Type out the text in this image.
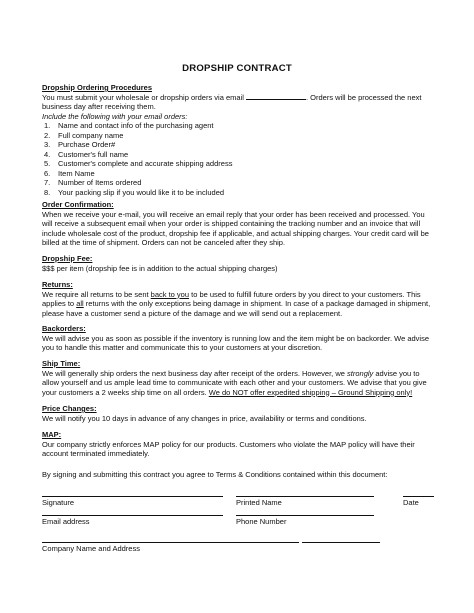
DROPSHIP CONTRACT
Dropship Ordering Procedures
You must submit your wholesale or dropship orders via email	. Orders will be processed the next
business day after receiving them.
Include the following with your email orders:
1.	Name and contact info of the purchasing agent
2.	Full company name
3.	Purchase Order#
4.	Customer's full name
5.	Customer's complete and accurate shipping address
6.	Item Name
7.	Number of Items ordered
8.	Your packing slip if you would like it to be included
Order Confirmation:
When we receive your e-mail, you will receive an email reply that your order has been received and processed. You
will receive a subsequent email when your order is shipped containing the tracking number and an invoice that will
include wholesale cost of the product, dropship fee if applicable, and actual shipping charges. Your credit card will be
billed at the time of shipment. Orders can not be canceled after they ship.
Dropship Fee:
$$$ per item (dropship fee is in addition to the actual shipping charges)
Returns:
We require all returns to be sent back to you to be used to fulfill future orders by you direct to your customers. This
applies to all returns with the only exceptions being damage in shipment. In case of a package damaged in shipment,
please have a customer send a picture of the damage and we will send out a replacement.
Backorders:
We will advise you as soon as possible if the inventory is running low and the item might be on backorder. We advise
you to handle this matter and communicate this to your customers at your discretion.
Ship Time:
We will generally ship orders the next business day after receipt of the orders. However, we strongly advise you to
allow yourself and us ample lead time to communicate with each other and your customers. We advise that you give
your customers a 2 weeks ship time on all orders. We do NOT offer expedited shipping – Ground Shipping only!
Price Changes:
We will notify you 10 days in advance of any changes in price, availability or terms and conditions.
MAP:
Our company strictly enforces MAP policy for our products. Customers who violate the MAP policy will have their
account terminated immediately.
By signing and submitting this contract you agree to Terms & Conditions contained within this document:
Signature	Printed Name	Date
Email address	Phone Number
Company Name and Address
